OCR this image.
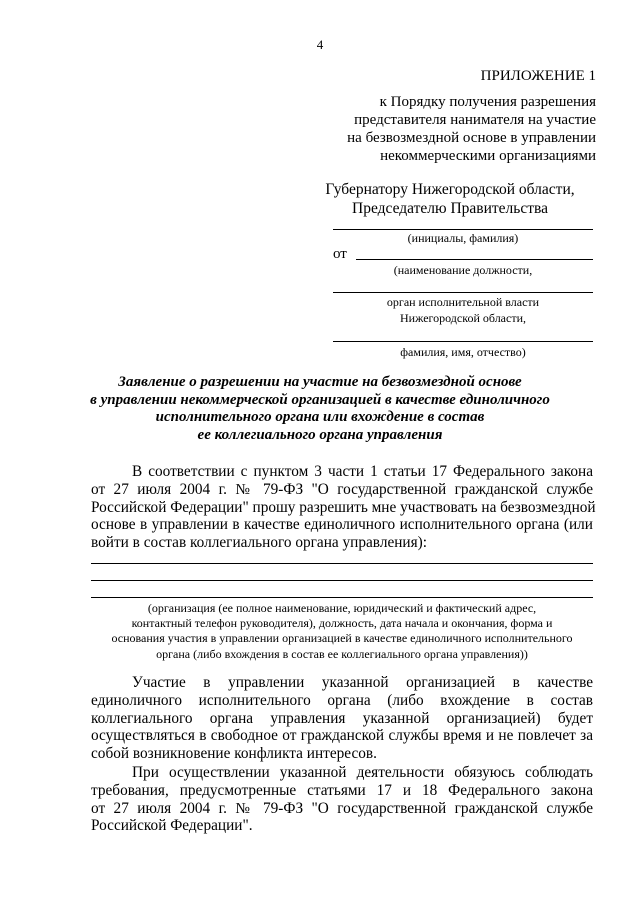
4
ПРИЛОЖЕНИЕ 1
к Порядку получения разрешения
представителя нанимателя на участие
на безвозмездной основе в управлении
некоммерческими организациями
Губернатору Нижегородской области,
Председателю Правительства
(инициалы, фамилия)
от
(наименование должности,
орган исполнительной власти
Нижегородской области,
фамилия, имя, отчество)
Заявление о разрешении на участие на безвозмездной основе
в управлении некоммерческой организацией в качестве единоличного
исполнительного органа или вхождение в состав
ее коллегиального органа управления
В соответствии с пунктом 3 части 1 статьи 17 Федерального закона
от 27 июля 2004 г. № 79-ФЗ "О государственной гражданской службе
Российской Федерации" прошу разрешить мне участвовать на безвозмездной
основе в управлении в качестве единоличного исполнительного органа (или
войти в состав коллегиального органа управления):
(организация (ее полное наименование, юридический и фактический адрес,
контактный телефон руководителя), должность, дата начала и окончания, форма и
основания участия в управлении организацией в качестве единоличного исполнительного
органа (либо вхождения в состав ее коллегиального органа управления))
Участие в управлении указанной организацией в качестве
единоличного исполнительного органа (либо вхождение в состав
коллегиального органа управления указанной организацией) будет
осуществляться в свободное от гражданской службы время и не повлечет за
собой возникновение конфликта интересов.
При осуществлении указанной деятельности обязуюсь соблюдать
требования, предусмотренные статьями 17 и 18 Федерального закона
от 27 июля 2004 г. № 79-ФЗ "О государственной гражданской службе
Российской Федерации".
